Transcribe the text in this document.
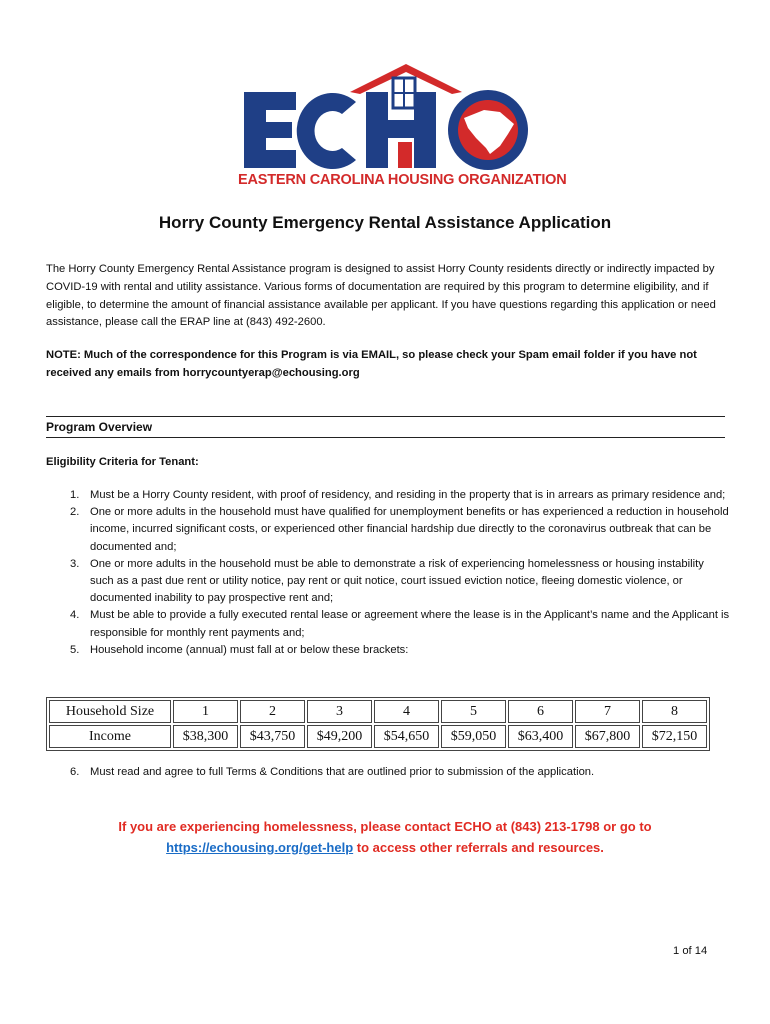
EASTERN CAROLINA HOUSING ORGANIZATION
Horry County Emergency Rental Assistance Application

The Horry County Emergency Rental Assistance program is designed to assist Horry County residents directly or indirectly impacted by COVID-19 with rental and utility assistance. Various forms of documentation are required by this program to determine eligibility, and if eligible, to determine the amount of financial assistance available per applicant. If you have questions regarding this application or need assistance, please call the ERAP line at (843) 492-2600.

NOTE: Much of the correspondence for this Program is via EMAIL, so please check your Spam email folder if you have not received any emails from horrycountyerap@echousing.org

Program Overview
Eligibility Criteria for Tenant:
1. Must be a Horry County resident, with proof of residency, and residing in the property that is in arrears as primary residence and;
2. One or more adults in the household must have qualified for unemployment benefits or has experienced a reduction in household income, incurred significant costs, or experienced other financial hardship due directly to the coronavirus outbreak that can be documented and;
3. One or more adults in the household must be able to demonstrate a risk of experiencing homelessness or housing instability such as a past due rent or utility notice, pay rent or quit notice, court issued eviction notice, fleeing domestic violence, or documented inability to pay prospective rent and;
4. Must be able to provide a fully executed rental lease or agreement where the lease is in the Applicant’s name and the Applicant is responsible for monthly rent payments and;
5. Household income (annual) must fall at or below these brackets:
Household Size	1	2	3	4	5	6	7	8
Income	$38,300	$43,750	$49,200	$54,650	$59,050	$63,400	$67,800	$72,150
6. Must read and agree to full Terms & Conditions that are outlined prior to submission of the application.
If you are experiencing homelessness, please contact ECHO at (843) 213-1798 or go to
https://echousing.org/get-help to access other referrals and resources.
1 of 14
